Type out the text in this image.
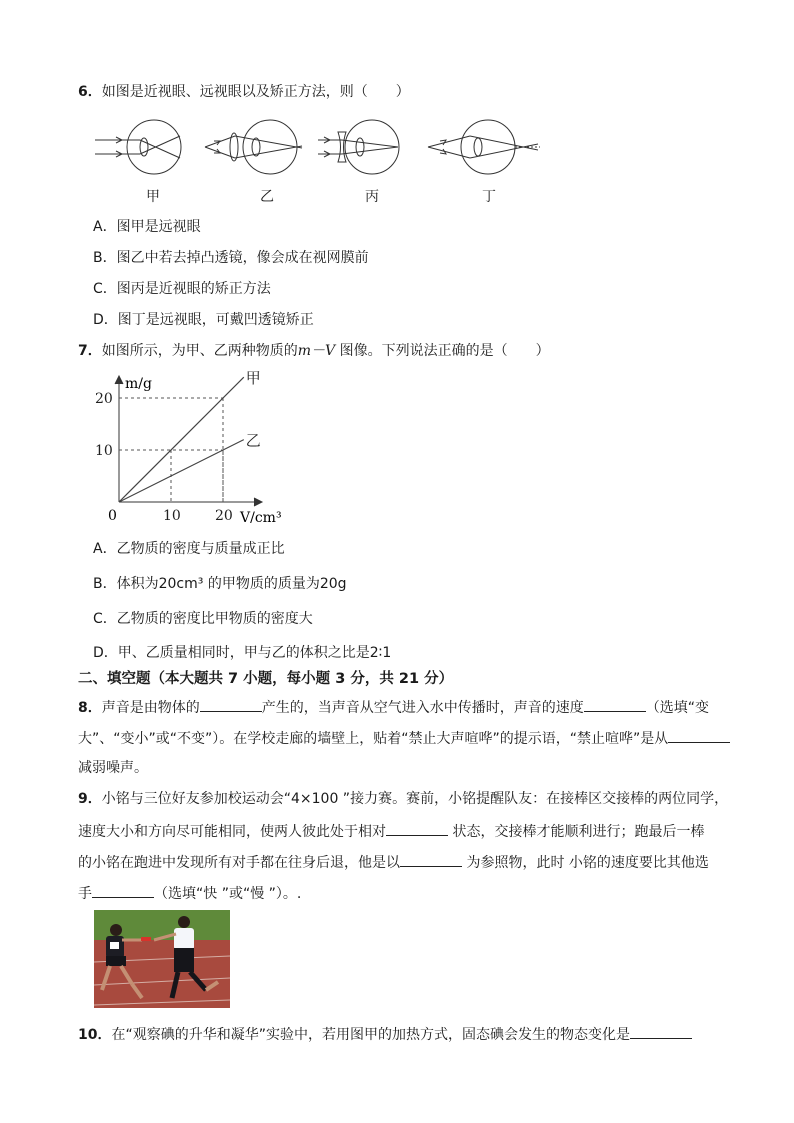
6．如图是近视眼、远视眼以及矫正方法，则（　　）
甲	乙	丙	丁
A．图甲是远视眼
B．图乙中若去掉凸透镜，像会成在视网膜前
C．图丙是近视眼的矫正方法
D．图丁是远视眼，可戴凹透镜矫正
7．如图所示，为甲、乙两种物质的m－V 图像。下列说法正确的是（　　）
甲
乙
10 20
10
20
m/g
V/cm³
0
A．乙物质的密度与质量成正比
B．体积为20cm³ 的甲物质的质量为20g
C．乙物质的密度比甲物质的密度大
D．甲、乙质量相同时，甲与乙的体积之比是2∶1
二、填空题（本大题共 7 小题，每小题 3 分，共 21 分）
8．声音是由物体的	产生的，当声音从空气进入水中传播时，声音的速度	（选填“变
大”、“变小”或“不变”）。在学校走廊的墙壁上，贴着“禁止大声喧哗”的提示语，“禁止喧哗”是从
减弱噪声。
9．小铭与三位好友参加校运动会“4×100 ”接力赛。赛前，小铭提醒队友：在接棒区交接棒的两位同学，
速度大小和方向尽可能相同，使两人彼此处于相对	状态，交接棒才能顺利进行；跑最后一棒
的小铭在跑进中发现所有对手都在往身后退，他是以	为参照物，此时 小铭的速度要比其他选
手	（选填“快 ”或“慢 ”）。.
10．在“观察碘的升华和凝华”实验中，若用图甲的加热方式，固态碘会发生的物态变化是
